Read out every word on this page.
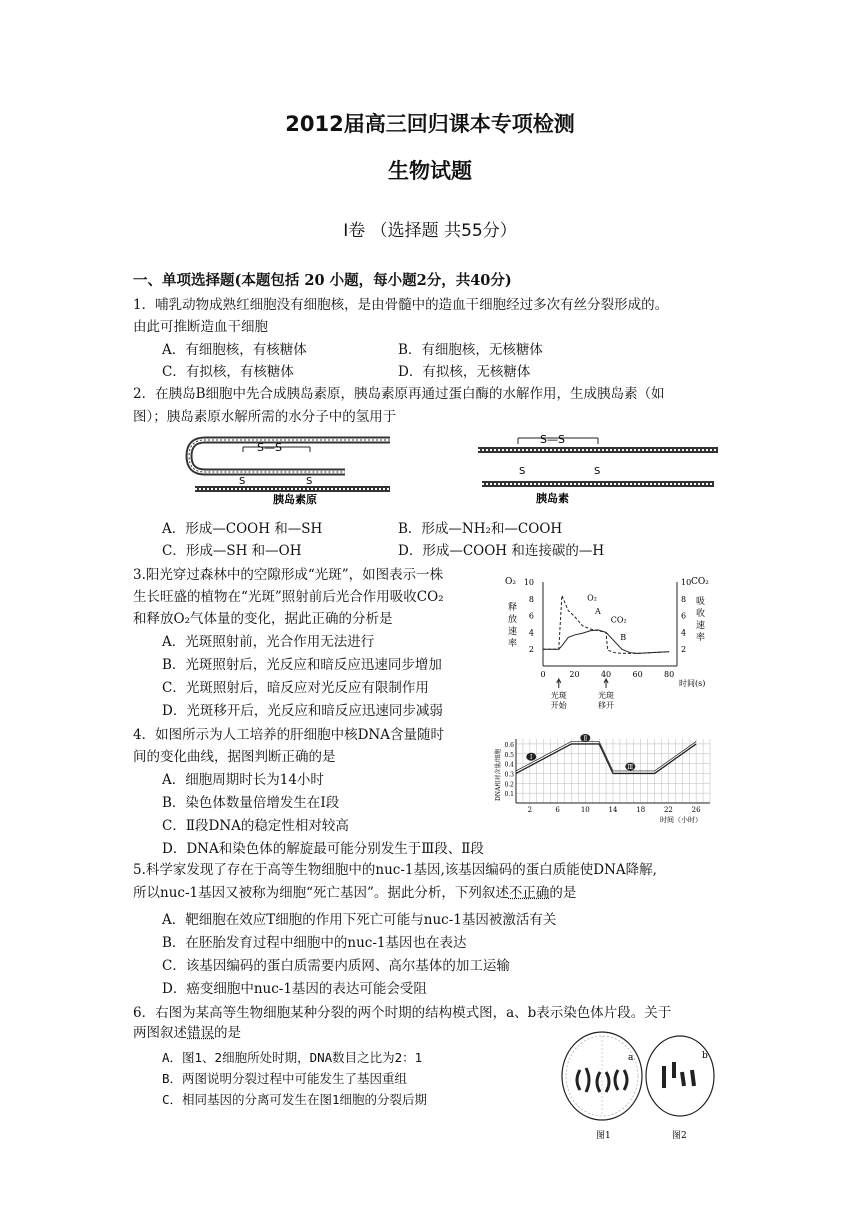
2012届高三回归课本专项检测
生物试题
Ⅰ卷 （选择题 共55分）
一、单项选择题(本题包括 20 小题，每小题2分，共40分)
1．哺乳动物成熟红细胞没有细胞核，是由骨髓中的造血干细胞经过多次有丝分裂形成的。
由此可推断造血干细胞
A．有细胞核，有核糖体	B．有细胞核，无核糖体
C．有拟核，有核糖体	D．有拟核，无核糖体
2．在胰岛B细胞中先合成胰岛素原，胰岛素原再通过蛋白酶的水解作用，生成胰岛素（如
图）；胰岛素原水解所需的水分子中的氢用于
S—S
S	S
胰岛素原
S—S
S	S
胰岛素
A．形成—COOH 和—SH	B．形成—NH₂和—COOH
C．形成—SH 和—OH	D．形成—COOH 和连接碳的—H
3.阳光穿过森林中的空隙形成“光斑”，如图表示一株
生长旺盛的植物在“光斑”照射前后光合作用吸收CO₂
和释放O₂气体量的变化，据此正确的分析是
A．光斑照射前，光合作用无法进行
B．光斑照射后，光反应和暗反应迅速同步增加
C．光斑照射后，暗反应对光反应有限制作用
D．光斑移开后，光反应和暗反应迅速同步减弱
O₂
释
放
速
率
CO₂
吸
收
速
率
2	2
4	4
6	6
8	8
10	10
0	20	40	60	80
时间(s)
O₂
CO₂
A
B
光斑
开始
光斑
移开
4．如图所示为人工培养的肝细胞中核DNA含量随时
间的变化曲线，据图判断正确的是
A．细胞周期时长为14小时
B．染色体数量倍增发生在Ⅰ段
C．Ⅱ段DNA的稳定性相对较高
D．DNA和染色体的解旋最可能分别发生于Ⅲ段、Ⅱ段
0.1
0.2
0.3
0.4
0.5
0.6
2	6	10	14	18	22	26
时间（小时）
DNA相对含量/细胞	Ⅰ
Ⅱ
Ⅲ
5.科学家发现了存在于高等生物细胞中的nuc-1基因,该基因编码的蛋白质能使DNA降解,
所以nuc-1基因又被称为细胞“死亡基因”。据此分析，下列叙述不正确的是
A．靶细胞在效应T细胞的作用下死亡可能与nuc-1基因被激活有关
B．在胚胎发育过程中细胞中的nuc-1基因也在表达
C．该基因编码的蛋白质需要内质网、高尔基体的加工运输
D．癌变细胞中nuc-1基因的表达可能会受阻
6．右图为某高等生物细胞某种分裂的两个时期的结构模式图，a、b表示染色体片段。关于
两图叙述错误的是
A．图1、2细胞所处时期，DNA数目之比为2：1
B．两图说明分裂过程中可能发生了基因重组
C．相同基因的分离可发生在图1细胞的分裂后期
a	b
图1	图2
